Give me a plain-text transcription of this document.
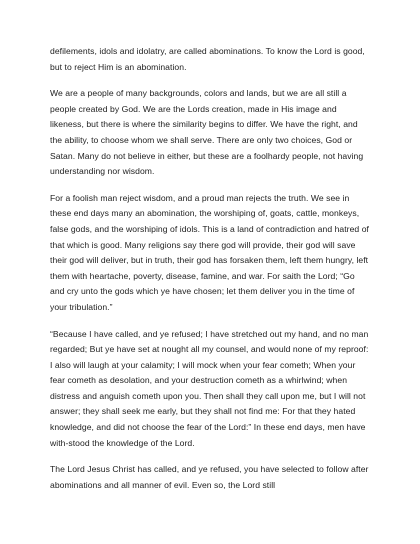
defilements, idols and idolatry, are called abominations. To know the Lord is good, but to reject Him is an abomination.

We are a people of many backgrounds, colors and lands, but we are all still a people created by God. We are the Lords creation, made in His image and likeness, but there is where the similarity begins to differ. We have the right, and the ability, to choose whom we shall serve. There are only two choices, God or Satan. Many do not believe in either, but these are a foolhardy people, not having understanding nor wisdom.

For a foolish man reject wisdom, and a proud man rejects the truth. We see in these end days many an abomination, the worshiping of, goats, cattle, monkeys, false gods, and the worshiping of idols. This is a land of contradiction and hatred of that which is good. Many religions say there god will provide, their god will save their god will deliver, but in truth, their god has forsaken them, left them hungry, left them with heartache, poverty, disease, famine, and war. For saith the Lord; “Go and cry unto the gods which ye have chosen; let them deliver you in the time of your tribulation.”

“Because I have called, and ye refused; I have stretched out my hand, and no man regarded; But ye have set at nought all my counsel, and would none of my reproof: I also will laugh at your calamity; I will mock when your fear cometh; When your fear cometh as desolation, and your destruction cometh as a whirlwind; when distress and anguish cometh upon you. Then shall they call upon me, but I will not answer; they shall seek me early, but they shall not find me: For that they hated knowledge, and did not choose the fear of the Lord:” In these end days, men have with-stood the knowledge of the Lord.

The Lord Jesus Christ has called, and ye refused, you have selected to follow after abominations and all manner of evil. Even so, the Lord still
